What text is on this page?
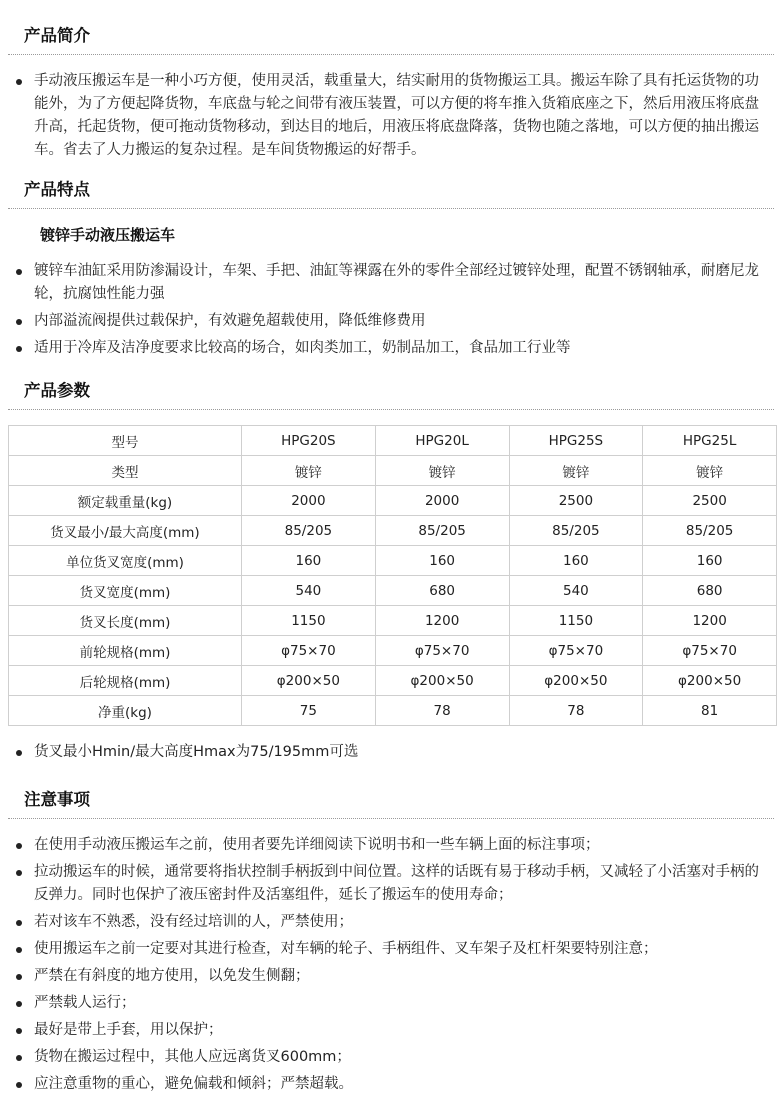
产品简介
手动液压搬运车是一种小巧方便，使用灵活，载重量大，结实耐用的货物搬运工具。搬运车除了具有托运货物的功能外，为了方便起降货物，车底盘与轮之间带有液压装置，可以方便的将车推入货箱底座之下，然后用液压将底盘升高，托起货物，便可拖动货物移动，到达目的地后，用液压将底盘降落，货物也随之落地，可以方便的抽出搬运车。省去了人力搬运的复杂过程。是车间货物搬运的好帮手。
产品特点
镀锌手动液压搬运车
镀锌车油缸采用防渗漏设计，车架、手把、油缸等裸露在外的零件全部经过镀锌处理，配置不锈钢轴承，耐磨尼龙轮，抗腐蚀性能力强
内部溢流阀提供过载保护，有效避免超载使用，降低维修费用
适用于冷库及洁净度要求比较高的场合，如肉类加工，奶制品加工，食品加工行业等
产品参数
型号	HPG20S	HPG20L	HPG25S	HPG25L
类型	镀锌	镀锌	镀锌	镀锌
额定载重量(kg)	2000	2000	2500	2500
货叉最小/最大高度(mm)	85/205	85/205	85/205	85/205
单位货叉宽度(mm)	160	160	160	160
货叉宽度(mm)	540	680	540	680
货叉长度(mm)	1150	1200	1150	1200
前轮规格(mm)	φ75×70	φ75×70	φ75×70	φ75×70
后轮规格(mm)	φ200×50	φ200×50	φ200×50	φ200×50
净重(kg)	75	78	78	81
货叉最小Hmin/最大高度Hmax为75/195mm可选
注意事项
在使用手动液压搬运车之前，使用者要先详细阅读下说明书和一些车辆上面的标注事项；
拉动搬运车的时候，通常要将指状控制手柄扳到中间位置。这样的话既有易于移动手柄，又减轻了小活塞对手柄的反弹力。同时也保护了液压密封件及活塞组件，延长了搬运车的使用寿命；
若对该车不熟悉，没有经过培训的人，严禁使用；
使用搬运车之前一定要对其进行检查，对车辆的轮子、手柄组件、叉车架子及杠杆架要特别注意；
严禁在有斜度的地方使用，以免发生侧翻；
严禁载人运行；
最好是带上手套，用以保护；
货物在搬运过程中，其他人应远离货叉600mm；
应注意重物的重心，避免偏载和倾斜；严禁超载。
